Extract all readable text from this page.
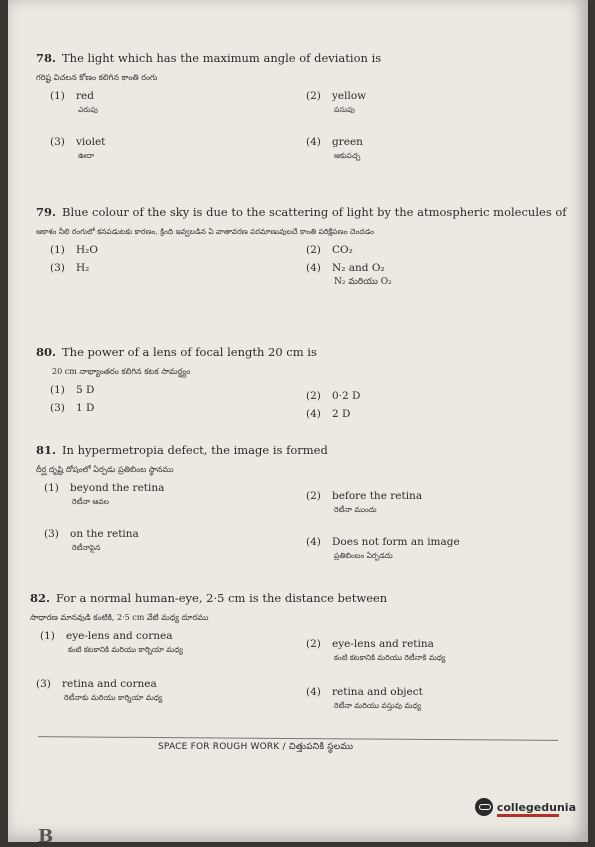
78. The light which has the maximum angle of deviation is
గరిష్ట విచలన కోణం కలిగిన కాంతి రంగు
(1) red
ఎరుపు
(2) yellow
పసుపు
(3) violet
ఊదా
(4) green
ఆకుపచ్చ
79. Blue colour of the sky is due to the scattering of light by the atmospheric molecules of
ఆకాశం నీలి రంగులో కనపడుటకు కారణం, క్రింది ఇవ్వబడిన ఏ వాతావరణ పరమాణువులచే కాంతి పరిక్షేపణం చెందడం
(1) H₂O	(2) CO₂
(3) H₂	(4) N₂ and O₂
N₂ మరియు O₂
80. The power of a lens of focal length 20 cm is
20 cm నాభ్యాంతరం కలిగిన కటక సామర్థ్యం
(1) 5 D	(2) 0·2 D
(3) 1 D	(4) 2 D
81. In hypermetropia defect, the image is formed
దీర్ఘ దృష్టి దోషంలో ఏర్పడు ప్రతిబింబ స్థానము
(1) beyond the retina
రెటీనా ఆవల	(2) before the retina
రెటీనా ముందు
(3) on the retina
రెటీనాపైన	(4) Does not form an image
ప్రతిబింబం ఏర్పడదు
82. For a normal human-eye, 2·5 cm is the distance between
సాధారణ మానవుడి కంటికి, 2·5 cm వేటి మధ్య దూరము
(1) eye-lens and cornea
కంటి కటకానికి మరియు కార్నియా మధ్య	(2) eye-lens and retina
కంటి కటకానికి మరియు రెటీనాకి మధ్య
(3) retina and cornea
రెటీనాకు మరియు కార్నియా మధ్య	(4) retina and object
రెటీనా మరియు వస్తువు మధ్య
SPACE FOR ROUGH WORK / చిత్తుపనికి స్థలము
collegedunia
B
